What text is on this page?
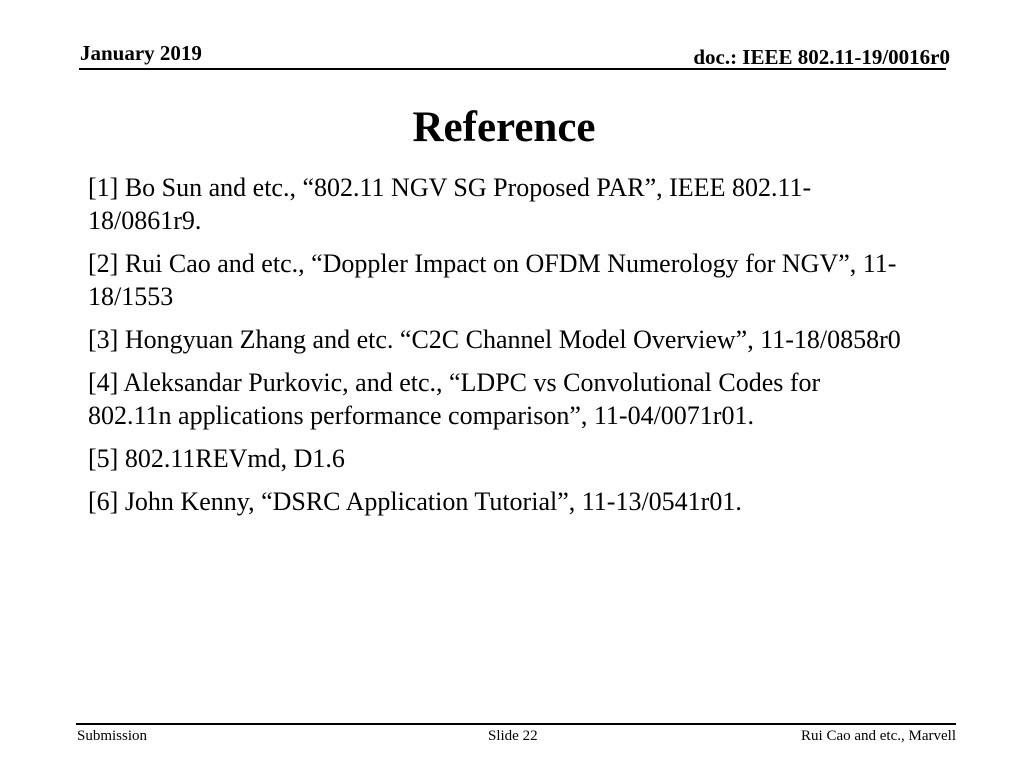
January 2019	doc.: IEEE 802.11-19/0016r0
Reference
[1] Bo Sun and etc., “802.11 NGV SG Proposed PAR”, IEEE 802.11-
18/0861r9.
[2] Rui Cao and etc., “Doppler Impact on OFDM Numerology for NGV”, 11-
18/1553
[3] Hongyuan Zhang and etc. “C2C Channel Model Overview”, 11-18/0858r0
[4] Aleksandar Purkovic, and etc., “LDPC vs Convolutional Codes for
802.11n applications performance comparison”, 11-04/0071r01.
[5] 802.11REVmd, D1.6
[6] John Kenny, “DSRC Application Tutorial”, 11-13/0541r01.
Submission	Slide 22	Rui Cao and etc., Marvell
